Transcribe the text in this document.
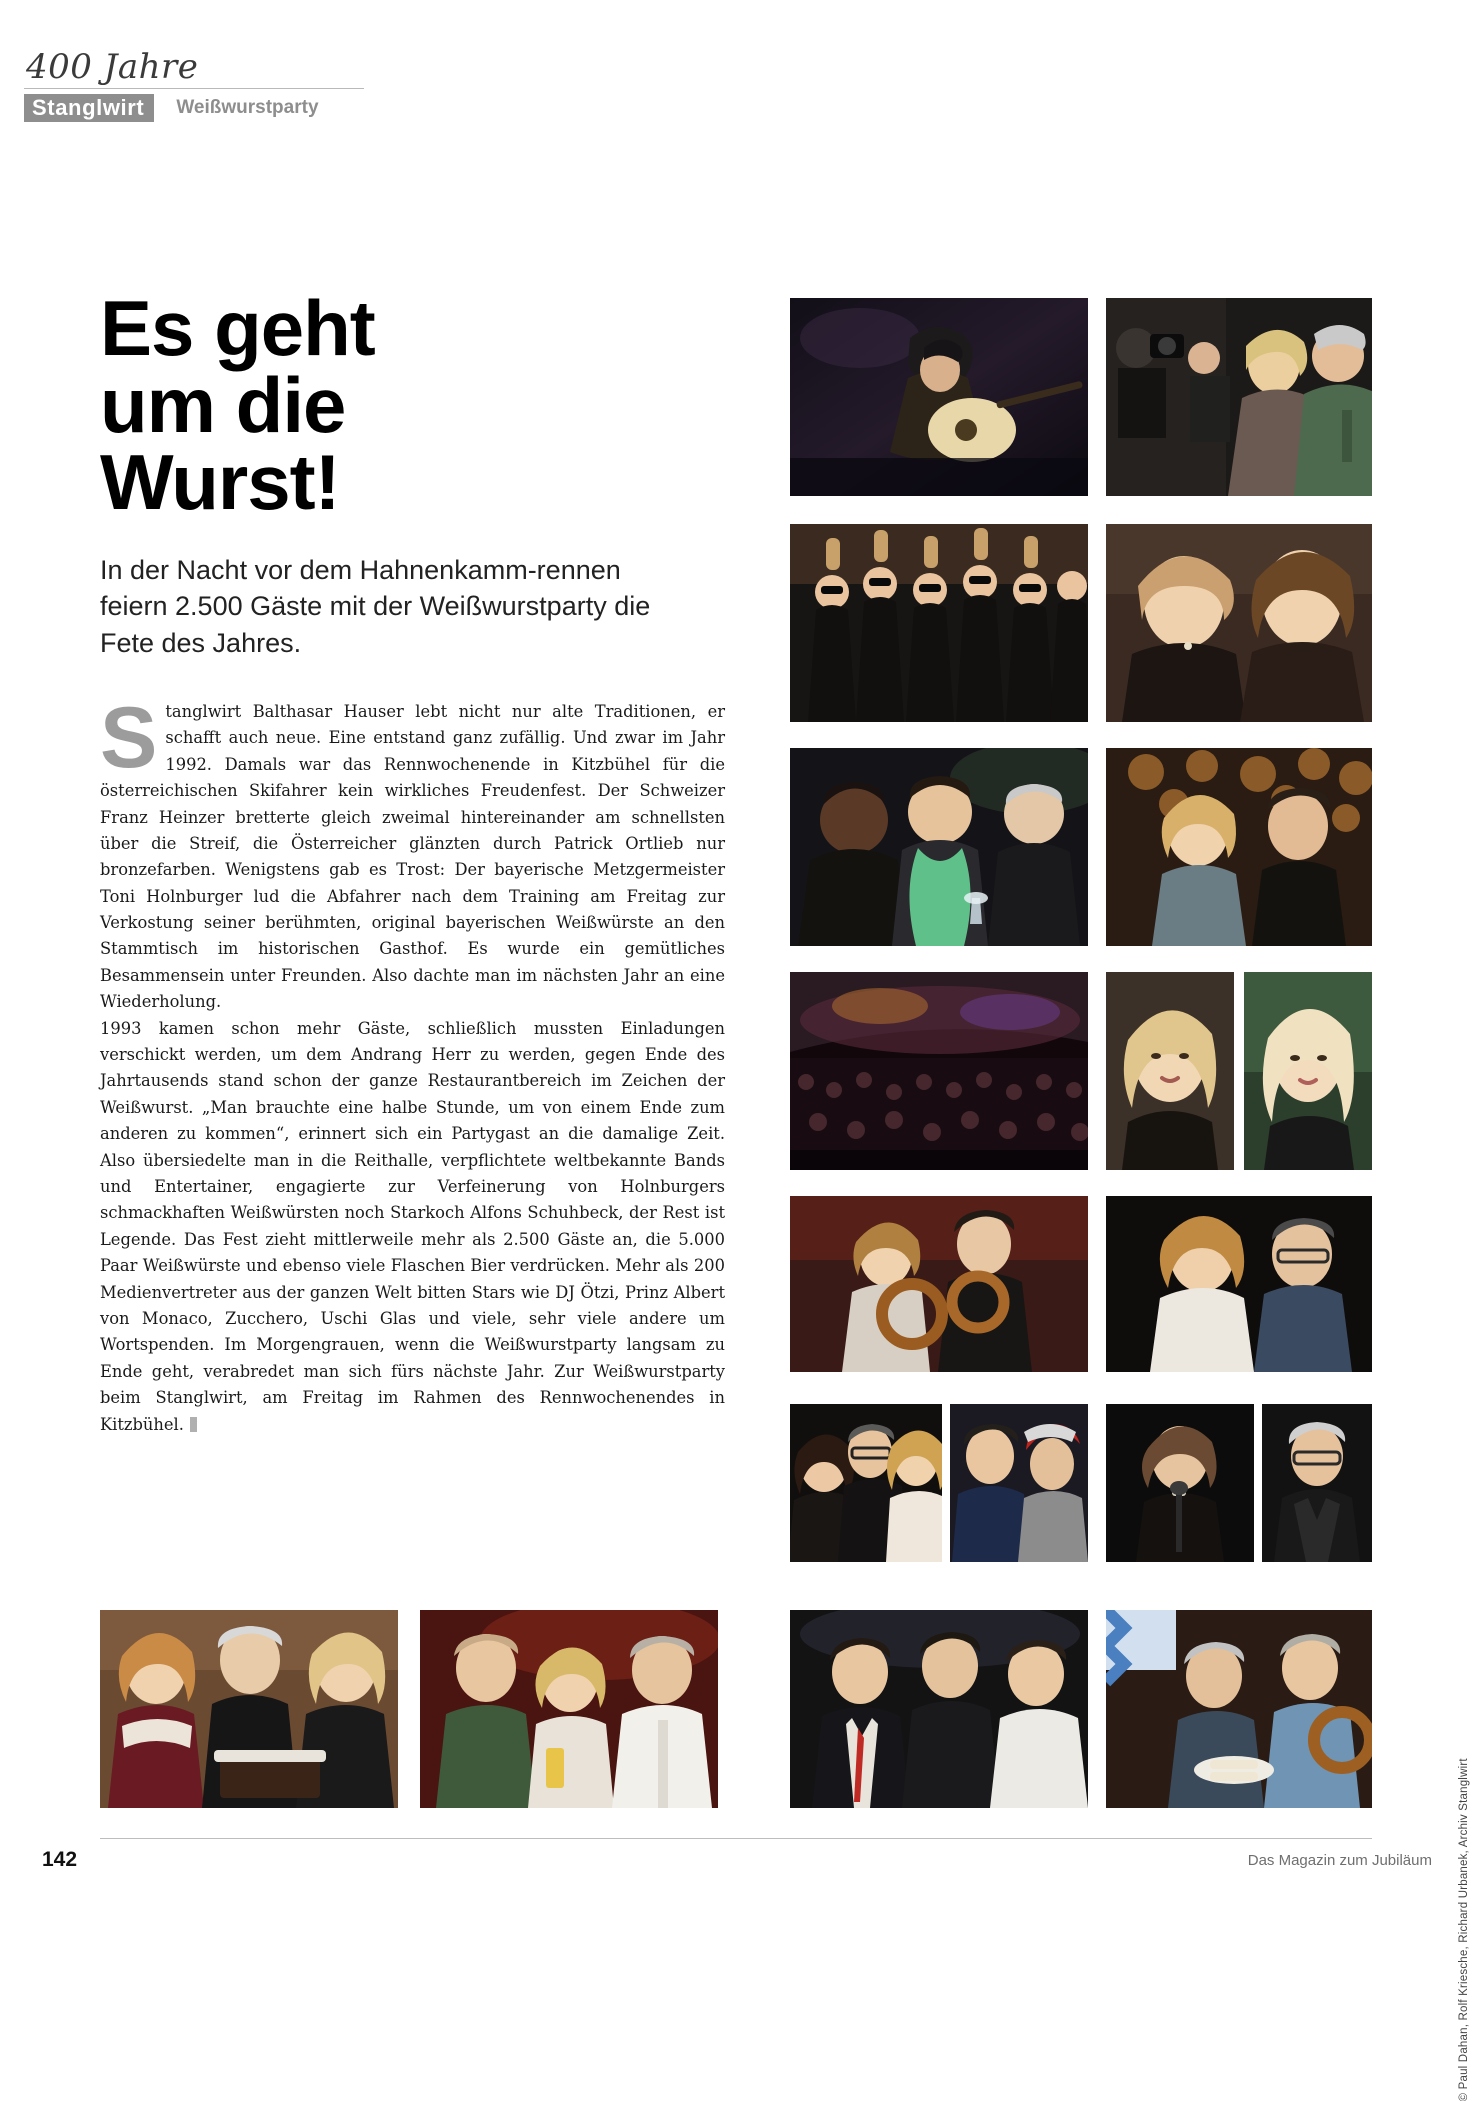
400 Jahre
Stanglwirt	Weißwurstparty
Es geht
um die
Wurst!

In der Nacht vor dem Hahnenkamm-rennen feiern 2.500 Gäste mit der Weißwurstparty die Fete des Jahres.

Stanglwirt Balthasar Hauser lebt nicht nur alte Traditionen, er schafft auch neue. Eine entstand ganz zufällig. Und zwar im Jahr 1992. Damals war das Rennwochenende in Kitzbühel für die österreichischen Skifahrer kein wirkliches Freudenfest. Der Schweizer Franz Heinzer bretterte gleich zweimal hintereinander am schnellsten über die Streif, die Österreicher glänzten durch Patrick Ortlieb nur bronzefarben. Wenigstens gab es Trost: Der bayerische Metzgermeister Toni Holnburger lud die Abfahrer nach dem Training am Freitag zur Verkostung seiner berühmten, original bayerischen Weißwürste an den Stammtisch im historischen Gasthof. Es wurde ein gemütliches Besammensein unter Freunden. Also dachte man im nächsten Jahr an eine Wiederholung.

1993 kamen schon mehr Gäste, schließlich mussten Einladungen verschickt werden, um dem Andrang Herr zu werden, gegen Ende des Jahrtausends stand schon der ganze Restaurantbereich im Zeichen der Weißwurst. „Man brauchte eine halbe Stunde, um von einem Ende zum anderen zu kommen“, erinnert sich ein Partygast an die damalige Zeit. Also übersiedelte man in die Reithalle, verpflichtete weltbekannte Bands und Entertainer, engagierte zur Verfeinerung von Holnburgers schmackhaften Weißwürsten noch Starkoch Alfons Schuhbeck, der Rest ist Legende. Das Fest zieht mittlerweile mehr als 2.500 Gäste an, die 5.000 Paar Weißwürste und ebenso viele Flaschen Bier verdrücken. Mehr als 200 Medienvertreter aus der ganzen Welt bitten Stars wie DJ Ötzi, Prinz Albert von Monaco, Zucchero, Uschi Glas und viele, sehr viele andere um Wortspenden. Im Morgengrauen, wenn die Weißwurstparty langsam zu Ende geht, verabredet man sich fürs nächste Jahr. Zur Weißwurstparty beim Stanglwirt, am Freitag im Rahmen des Rennwochenendes in Kitzbühel.

© Paul Dahan, Rolf Kriesche, Richard Urbanek, Archiv Stanglwirt
142	Das Magazin zum Jubiläum
